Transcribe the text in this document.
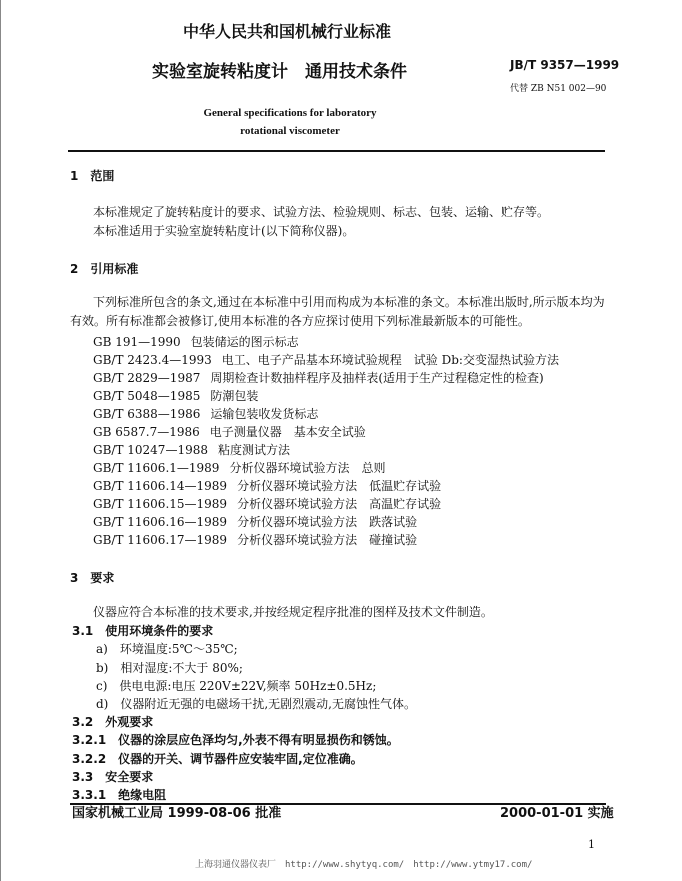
中华人民共和国机械行业标准
实验室旋转粘度计　通用技术条件	JB/T 9357—1999
代替 ZB N51 002—90
General specifications for laboratory
rotational viscometer
1　范围
本标准规定了旋转粘度计的要求、试验方法、检验规则、标志、包装、运输、贮存等。
本标准适用于实验室旋转粘度计(以下简称仪器)。
2　引用标准
下列标准所包含的条文,通过在本标准中引用而构成为本标准的条文。本标准出版时,所示版本均为
有效。所有标准都会被修订,使用本标准的各方应探讨使用下列标准最新版本的可能性。
GB 191—1990 包装储运的图示标志
GB/T 2423.4—1993 电工、电子产品基本环境试验规程　试验 Db:交变湿热试验方法
GB/T 2829—1987 周期检查计数抽样程序及抽样表(适用于生产过程稳定性的检查)
GB/T 5048—1985 防潮包装
GB/T 6388—1986 运输包装收发货标志
GB 6587.7—1986 电子测量仪器　基本安全试验
GB/T 10247—1988 粘度测试方法
GB/T 11606.1—1989 分析仪器环境试验方法　总则
GB/T 11606.14—1989 分析仪器环境试验方法　低温贮存试验
GB/T 11606.15—1989 分析仪器环境试验方法　高温贮存试验
GB/T 11606.16—1989 分析仪器环境试验方法　跌落试验
GB/T 11606.17—1989 分析仪器环境试验方法　碰撞试验
3　要求
仪器应符合本标准的技术要求,并按经规定程序批准的图样及技术文件制造。
3.1　使用环境条件的要求
a)　环境温度:5℃～35℃;
b)　相对湿度:不大于 80%;
c)　供电电源:电压 220V±22V,频率 50Hz±0.5Hz;
d)　仪器附近无强的电磁场干扰,无剧烈震动,无腐蚀性气体。
3.2　外观要求
3.2.1　仪器的涂层应色泽均匀,外表不得有明显损伤和锈蚀。
3.2.2　仪器的开关、调节器件应安装牢固,定位准确。
3.3　安全要求
3.3.1　绝缘电阻
国家机械工业局 1999-08-06 批准	2000-01-01 实施
1
上海羽通仪器仪表厂　http://www.shytyq.com/　http://www.ytmy17.com/
